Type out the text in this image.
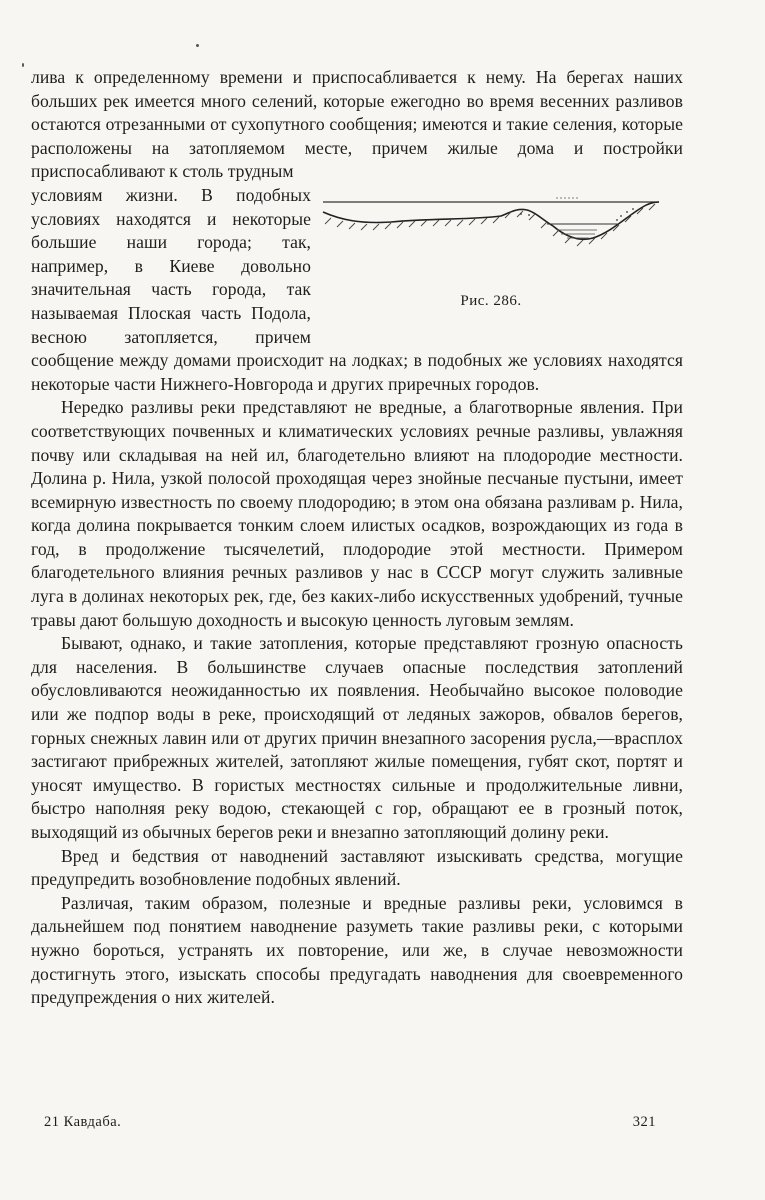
лива к определенному времени и приспосабливается к нему. На берегах наших больших рек имеется много селений, которые ежегодно во время весенних разливов остаются отрезанными от сухопутного сообщения; имеются и такие селения, которые расположены на затопляемом месте, причем жилые дома и постройки приспосабливают к столь трудным

Рис. 286.

условиям жизни. В подобных условиях находятся и некоторые большие наши города; так, например, в Киеве довольно значительная часть города, так называемая Плоская часть Подола, весною затопляется, причем сообщение между домами происходит на лодках; в подобных же условиях находятся некоторые части Нижнего-Новгорода и других приречных городов.

Нередко разливы реки представляют не вредные, а благотворные явления. При соответствующих почвенных и климатических условиях речные разливы, увлажняя почву или складывая на ней ил, благодетельно влияют на плодородие местности. Долина р. Нила, узкой полосой проходящая через знойные песчаные пустыни, имеет всемирную известность по своему плодородию; в этом она обязана разливам р. Нила, когда долина покрывается тонким слоем илистых осадков, возрождающих из года в год, в продолжение тысячелетий, плодородие этой местности. Примером благодетельного влияния речных разливов у нас в СССР могут служить заливные луга в долинах некоторых рек, где, без каких-либо искусственных удобрений, тучные травы дают большую доходность и высокую ценность луговым землям.

Бывают, однако, и такие затопления, которые представляют грозную опасность для населения. В большинстве случаев опасные последствия затоплений обусловливаются неожиданностью их появления. Необычайно высокое половодие или же подпор воды в реке, происходящий от ледяных зажоров, обвалов берегов, горных снежных лавин или от других причин внезапного засорения русла,—врасплох застигают прибрежных жителей, затопляют жилые помещения, губят скот, портят и уносят имущество. В гористых местностях сильные и продолжительные ливни, быстро наполняя реку водою, стекающей с гор, обращают ее в грозный поток, выходящий из обычных берегов реки и внезапно затопляющий долину реки.

Вред и бедствия от наводнений заставляют изыскивать средства, могущие предупредить возобновление подобных явлений.

Различая, таким образом, полезные и вредные разливы реки, условимся в дальнейшем под понятием наводнение разуметь такие разливы реки, с которыми нужно бороться, устранять их повторение, или же, в случае невозможности достигнуть этого, изыскать способы предугадать наводнения для своевременного предупреждения о них жителей.

21 Кавдаба.	321
